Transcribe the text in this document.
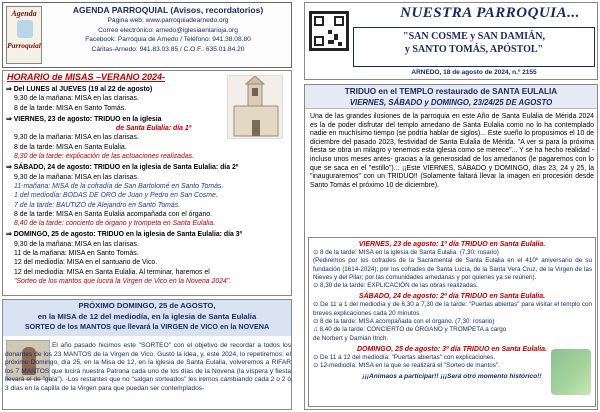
Agenda
Parroquial
AGENDA PARROQUIAL (Avisos, recordatorios)
Página web: www.parroquiadearnedo.org
Correo electrónico: arnedo@iglesiaenlarioja.org
Facebook: Parroquia de Arnedo / Teléfono: 941.38.08.80
Cáritas-Arnedo: 941.83.03.85 / C.O.F.: 635.01.84.20
HORARIO de MISAS –VERANO 2024-
⇒ Del LUNES al JUEVES (19 al 22 de agosto)
9,30 de la mañana: MISA en las clarisas.
8 de la tarde: MISA en Santo Tomás.
⇒ VIERNES, 23 de agosto: TRIDUO en la iglesia
de Santa Eulalia: día 1º
9,30 de la mañana: MISA en las clarisas.
8 de la tarde: MISA en Santa Eulalia.
8,30 de la tarde: explicación de las actuaciones realizadas.
⇒ SÁBADO, 24 de agosto: TRIDUO en la iglesia de Santa Eulalia: día 2º
9,30 de la mañana: MISA en las clarisas.
11-mañana: MISA de la cofradía de San Bartolomé en Santo Tomás.
1 del mediodía: BODAS DE ORO de Juan y Pedro en San Cosme.
7 de la tarde: BAUTIZO de Alejandro en Santo Tomás.
8 de la tarde: MISA en Santa Eulalia acompañada con el órgano.
8,40 de la tarde: concierto de órgano y trompeta en Santa Eulalia.
⇒ DOMINGO, 25 de agosto: TRIDUO en la iglesia de Santa Eulalia: día 3º
9,30 de la mañana: MISA en las clarisas.
11 de la mañana: MISA en Santo Tomás.
12 del mediodía: MISA en el santuario de Vico.
12 del mediodía: MISA en Santa Eulalia. Al terminar, haremos el
"Sorteo de los mantos que lucirá la Virgen de Vico en la Novena 2024".
PRÓXIMO DOMINGO, 25 de AGOSTO,
en la MISA de 12 del mediodía, en la iglesia de Santa Eulalia
SORTEO de los MANTOS que llevará la VIRGEN de VICO en la NOVENA
El año pasado hicimos este "SORTEO" con el objetivo de recordar a todos los donantes de los 23 MANTOS de la Virgen de Vico. Gustó la idea, y, este 2024, lo repetiremos: el próximo Domingo, día 25, en la Misa de 12, en la iglesia de Santa Eulalia, volveremos a RIFAR los 7 MANTOS que lucirá nuestra Patrona cada uno de los días de la Novena (la víspera y fiesta llevará el de "gala"). -Los restantes que no "salgan sorteados" les iremos cambiando cada 2 o 2 ó 3 días en la capilla de la Virgen para que puedan ser contemplados-
NUESTRA PARROQUIA...
"SAN COSME y SAN DAMIÁN,
y SANTO TOMÁS, APÓSTOL"
ARNEDO, 18 de agosto de 2024, n.º 2155
TRIDUO en el TEMPLO restaurado de SANTA EULALIA
VIERNES, SÁBADO y DOMINGO, 23/24/25 DE AGOSTO
Una de las grandes ilusiones de la parroquia en este Año de Santa Eulalia de Mérida 2024 es la de poder disfrutar del templo arnedano de Santa Eulalia como no lo ha contemplado nadie en muchísimo tiempo (se podría hablar de siglos)... Este sueño lo propusimos el 10 de diciembre del pasado 2023, festividad de Santa Eulalia de Mérida. "A ver si para la próxima fiesta se obra un milagro y tenemos esta iglesia como se merece"... Y se ha hecho realidad -incluso unos meses antes- gracias a la generosidad de los arnedanos (le pagaremos con lo que se saca en el "estillo")... ¡¡Este VIERNES, SÁBADO y DOMINGO, días 23, 24 y 25, la "inauguraremos" con un TRIDUO!! (Solamente faltará llevar la imagen en procesión desde Santo Tomás el próximo 10 de diciembre).
VIERNES, 23 de agosto: 1º día TRIDUO en Santa Eulalia.
⊙ 8 de la tarde: MISA en la iglesia de Santa Eulalia. (7,30: rosario)
(Pediremos por los cofrades de la Sacramental de Santa Eulalia en el 410º aniversario de su fundación (1614-2024); por los cofrades de Santa Lucía, de la Santa Vera Cruz, de la Virgen de las Nieves y del Pilar; por las comunidades arnedanas y por quienes ya se reúnen).
⊙ 8,30 de la tarde: EXPLICACIÓN de las obras realizadas.
SÁBADO, 24 de agosto: 2º día TRIDUO en Santa Eulalia.
⊙ De 11 a 1 del mediodía y de 6,30 a 7,30 de la tarde: "Puertas abiertas" para visitar el templo con breves explicaciones cada 20 minutos
⊙ 8 de la tarde: MISA acompañada con el órgano. (7,30: rosario)
♫ 8,40 de la tarde: CONCIERTO de ÓRGANO y TROMPETA a cargo
de Norbert y Damián Itrich.
DOMINGO, 25 de agosto: 3º día TRIDUO en Santa Eulalia.
⊙ De 11 a 12 del mediodía: "Puertas abiertas" con explicaciones.
⊙ 12-mediodía: MISA en la que se realizará el "Sorteo de mantos".
¡¡¡Animaos a participar!! ¡¡¡Será otro momento histórico!!
